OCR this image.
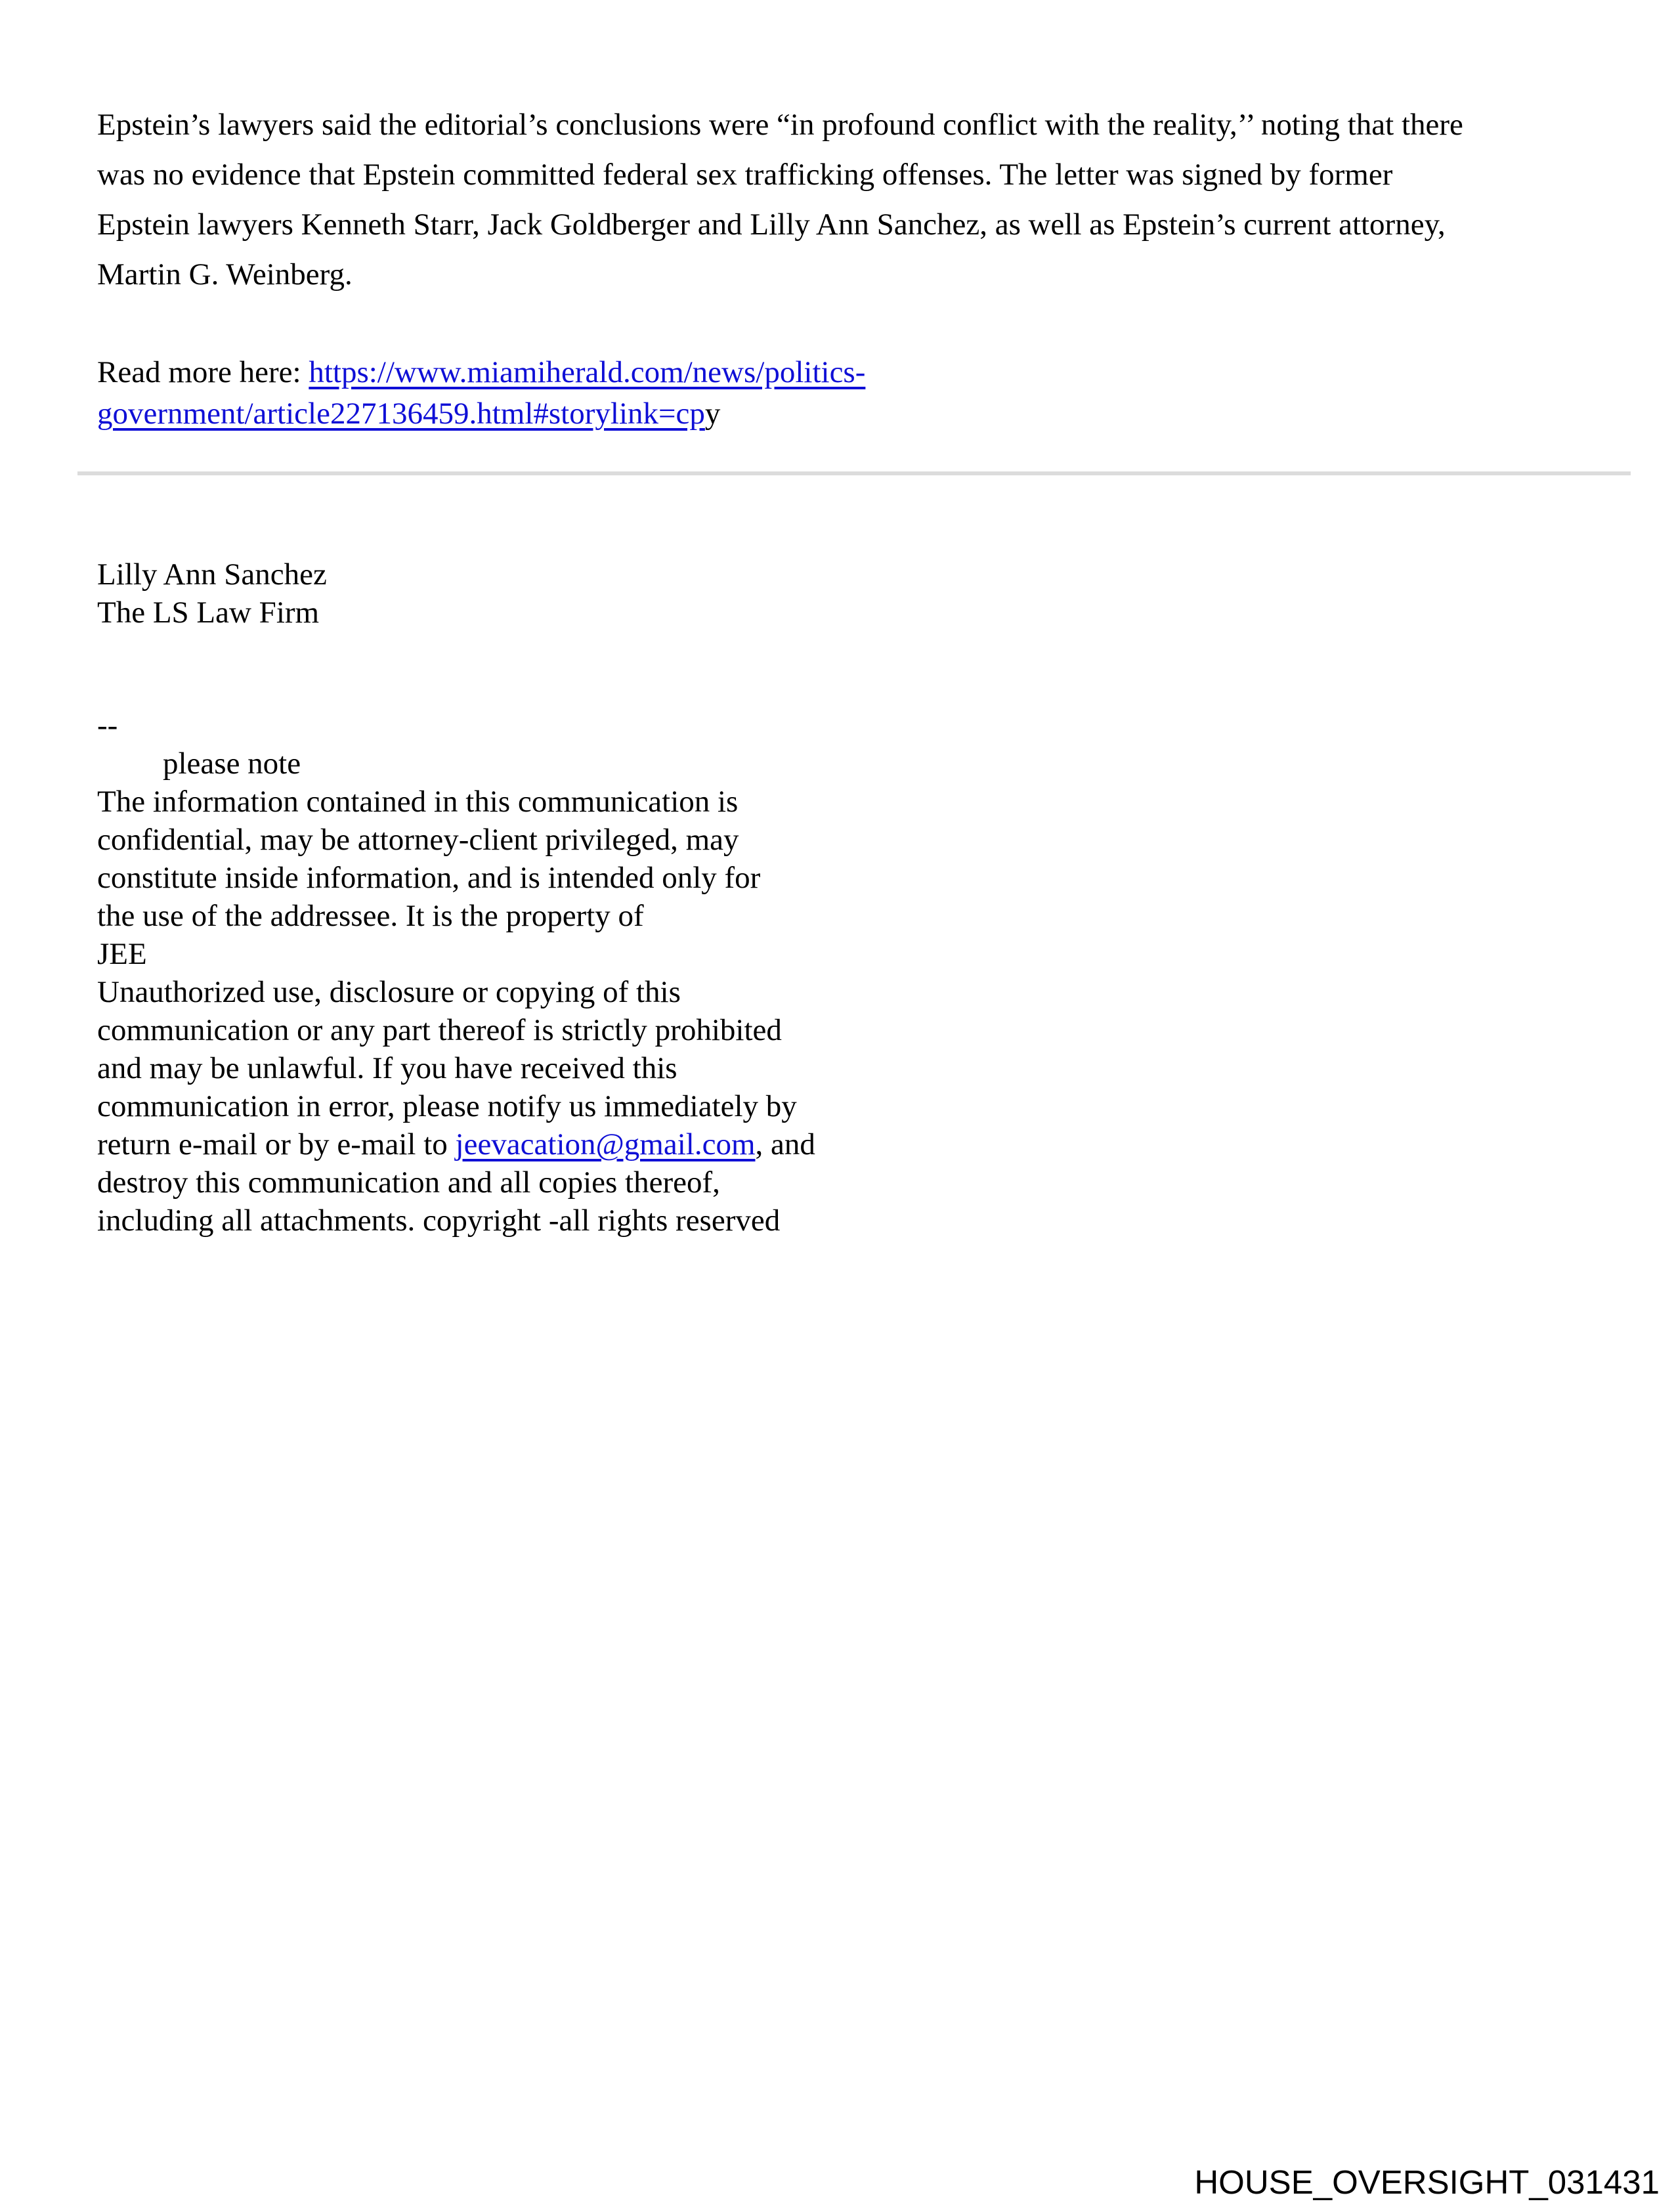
Epstein’s lawyers said the editorial’s conclusions were “in profound conflict with the reality,’’ noting that there
was no evidence that Epstein committed federal sex trafficking offenses. The letter was signed by former
Epstein lawyers Kenneth Starr, Jack Goldberger and Lilly Ann Sanchez, as well as Epstein’s current attorney,
Martin G. Weinberg.
Read more here: https://www.miamiherald.com/news/politics-
government/article227136459.html#storylink=cpy
Lilly Ann Sanchez
The LS Law Firm
--
please note
The information contained in this communication is
confidential, may be attorney-client privileged, may
constitute inside information, and is intended only for
the use of the addressee. It is the property of
JEE
Unauthorized use, disclosure or copying of this
communication or any part thereof is strictly prohibited
and may be unlawful. If you have received this
communication in error, please notify us immediately by
return e-mail or by e-mail to jeevacation@gmail.com, and
destroy this communication and all copies thereof,
including all attachments. copyright -all rights reserved
HOUSE_OVERSIGHT_031431
